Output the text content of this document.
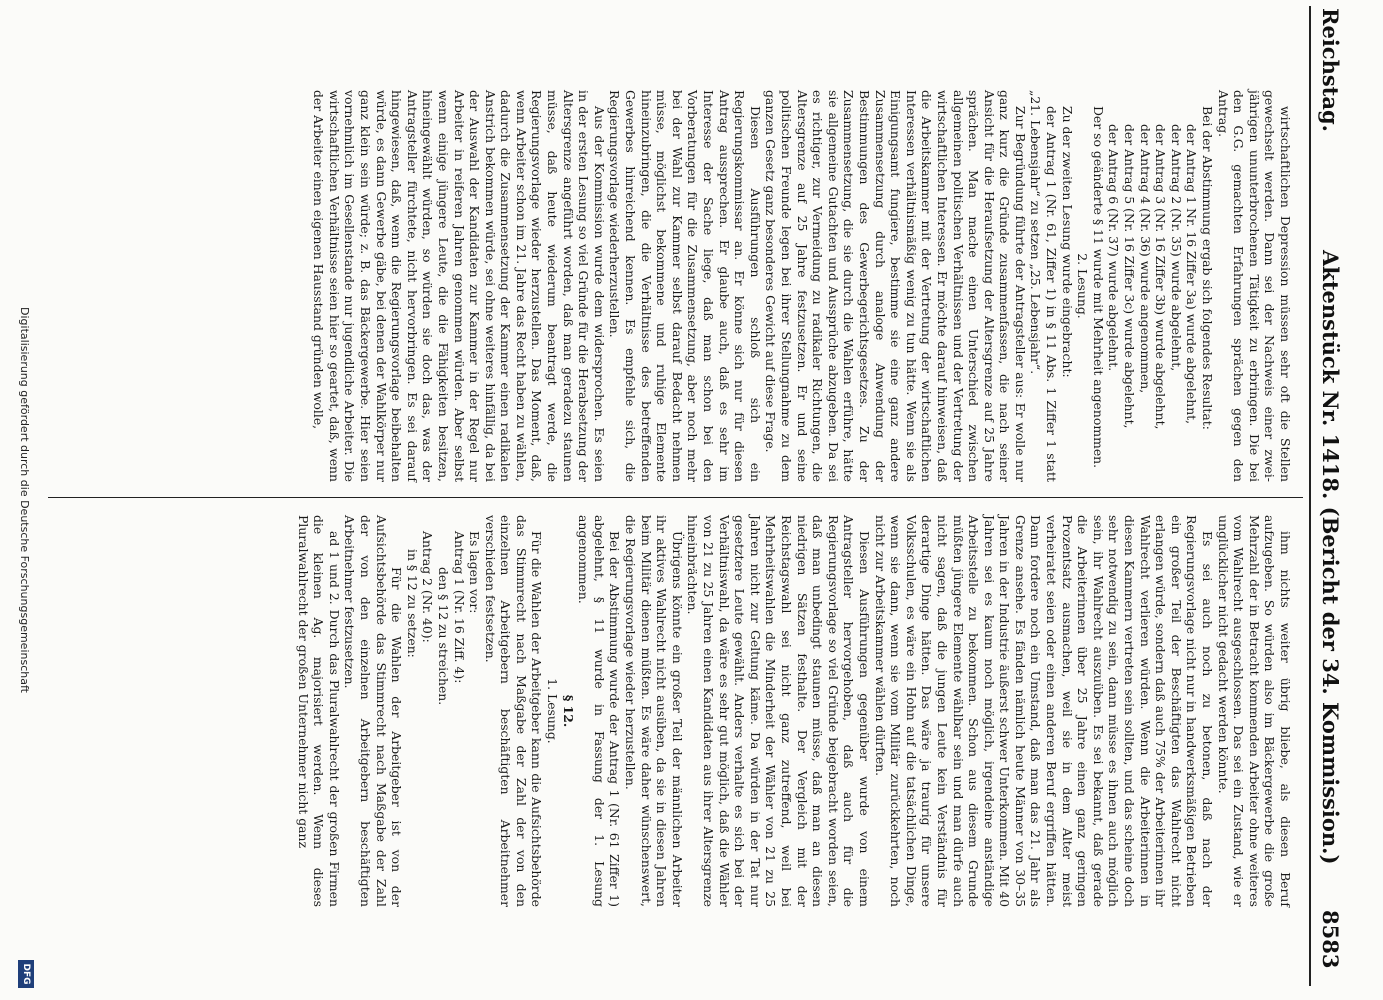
Reichstag.
Aktenstück Nr. 1418. (Bericht der 34. Kommission.)
8583

wirtschaftlichen Depression müssen sehr oft die Stellen gewechselt werden. Dann sei der Nachweis einer zwei-jährigen ununterbrochenen Tätigkeit zu erbringen. Die bei den G.G. gemachten Erfahrungen sprächen gegen den Antrag.

Bei der Abstimmung ergab sich folgendes Resultat:

der Antrag 1 Nr. 16 Ziffer 3a) wurde abgelehnt,

der Antrag 2 (Nr. 35) wurde abgelehnt,

der Antrag 3 (Nr. 16 Ziffer 3b) wurde abgelehnt,

der Antrag 4 (Nr. 36) wurde angenommen,

der Antrag 5 (Nr. 16 Ziffer 3c) wurde abgelehnt,

der Antrag 6 (Nr. 37) wurde abgelehnt.

Der so geänderte § 11 wurde mit Mehrheit angenommen.

2. Lesung.

Zu der zweiten Lesung wurde eingebracht:

der Antrag 1 (Nr. 61, Ziffer 1) in § 11 Abs. 1 Ziffer 1 statt „21. Lebensjahr“ zu setzen „25. Lebensjahr“.

Zur Begründung führte der Antragsteller aus: Er wolle nur ganz kurz die Gründe zusammenfassen, die nach seiner Ansicht für die Heraufsetzung der Altersgrenze auf 25 Jahre sprächen. Man mache einen Unterschied zwischen allgemeinen politischen Verhältnissen und der Vertretung der wirtschaftlichen Interessen. Er möchte darauf hinweisen, daß die Arbeitskammer mit der Vertretung der wirtschaftlichen Interessen verhältnismäßig wenig zu tun hätte. Wenn sie als Einigungsamt fungiere, bestimme sie eine ganz andere Zusammensetzung durch analoge Anwendung der Bestimmungen des Gewerbegerichtsgesetzes. Zu der Zusammensetzung, die sie durch die Wahlen erführe, hätte sie allgemeine Gutachten und Aussprüche abzugeben. Da sei es richtiger, zur Vermeidung zu radikaler Richtungen, die Altersgrenze auf 25 Jahre festzusetzen. Er und seine politischen Freunde legen bei ihrer Stellungnahme zu dem ganzen Gesetz ganz besonderes Gewicht auf diese Frage.

Diesen Ausführungen schloß sich ein Regierungskommissar an. Er könne sich nur für diesen Antrag aussprechen. Er glaube auch, daß es sehr im Interesse der Sache liege, daß man schon bei den Vorberatungen für die Zusammensetzung, aber noch mehr bei der Wahl zur Kammer selbst darauf Bedacht nehmen müsse, möglichst bekommene und ruhige Elemente hineinzubringen, die die Verhältnisse des betreffenden Gewerbes hinreichend kennen. Es empfehle sich, die Regierungsvorlage wiederherzustellen.

Aus der Kommission wurde dem widersprochen. Es seien in der ersten Lesung so viel Gründe für die Herabsetzung der Altersgrenze angeführt worden, daß man geradezu staunen müsse, daß heute wiederum beantragt werde, die Regierungsvorlage wieder herzustellen. Das Moment, daß, wenn Arbeiter schon im 21. Jahre das Recht haben zu wählen, dadurch die Zusammensetzung der Kammer einen radikalen Anstrich bekommen würde, sei ohne weiteres hinfällig, da bei der Auswahl der Kandidaten zur Kammer in der Regel nur Arbeiter in reiferen Jahren genommen würden. Aber selbst wenn einige jüngere Leute, die die Fähigkeiten besitzen, hineingewählt würden, so würden sie doch das, was der Antragsteller fürchtete, nicht hervorbringen. Es sei darauf hingewiesen, daß, wenn die Regierungsvorlage beibehalten würde, es dann Gewerbe gäbe, bei denen der Wahlkörper nur ganz klein sein würde; z. B. das Bäckergewerbe. Hier seien vornehmlich im Gesellenstande nur jugendliche Arbeiter. Die wirtschaftlichen Verhältnisse seien hier so geartet, daß, wenn der Arbeiter einen eigenen Hausstand gründen wolle,

ihm nichts weiter übrig bliebe, als diesen Beruf aufzugeben. So würden also im Bäckergewerbe die große Mehrzahl der in Betracht kommenden Arbeiter ohne weiteres vom Wahlrecht ausgeschlossen. Das sei ein Zustand, wie er unglücklicher nicht gedacht werden könnte.

Es sei auch noch zu betonen, daß nach der Regierungsvorlage nicht nur in handwerksmäßigen Betrieben ein großer Teil der Beschäftigten das Wahlrecht nicht erlangen würde, sondern daß auch 75% der Arbeiterinnen ihr Wahlrecht verlieren würden. Wenn die Arbeiterinnen in diesen Kammern vertreten sein sollten, und das scheine doch sehr notwendig zu sein, dann müsse es ihnen auch möglich sein, ihr Wahlrecht auszuüben. Es sei bekannt, daß gerade die Arbeiterinnen über 25 Jahre einen ganz geringen Prozentsatz ausmachen, weil sie in dem Alter meist verheiratet seien oder einen anderen Beruf ergriffen hätten. Dann fordere noch ein Umstand, daß man das 21. Jahr als Grenze ansehe. Es fänden nämlich heute Männer von 30–35 Jahren in der Industrie äußerst schwer Unterkommen. Mit 40 Jahren sei es kaum noch möglich, irgendeine anständige Arbeitsstelle zu bekommen. Schon aus diesem Grunde müßten jüngere Elemente wählbar sein und man dürfe auch nicht sagen, daß die jungen Leute kein Verständnis für derartige Dinge hätten. Das wäre ja traurig für unsere Volksschulen, es wäre ein Hohn auf die tatsächlichen Dinge, wenn sie dann, wenn sie vom Militär zurückkehrten, noch nicht zur Arbeitskammer wählen dürften.

Diesen Ausführungen gegenüber wurde von einem Antragsteller hervorgehoben, daß auch für die Regierungsvorlage so viel Gründe beigebracht worden seien, daß man unbedingt staunen müsse, daß man an diesen niedrigen Sätzen festhalte. Der Vergleich mit der Reichstagswahl sei nicht ganz zutreffend, weil bei Mehrheitswahlen die Minderheit der Wähler von 21 zu 25 Jahren nicht zur Geltung käme. Da würden in der Tat nur gesetztere Leute gewählt. Anders verhalte es sich bei der Verhältniswahl, da wäre es sehr gut möglich, daß die Wähler von 21 zu 25 Jahren einen Kandidaten aus ihrer Altersgrenze hineinbrächten.

Übrigens könnte ein großer Teil der männlichen Arbeiter ihr aktives Wahlrecht nicht ausüben, da sie in diesen Jahren beim Militär dienen müßten. Es wäre daher wünschenswert, die Regierungsvorlage wieder herzustellen.

Bei der Abstimmung wurde der Antrag 1 (Nr. 61 Ziffer 1) abgelehnt, § 11 wurde in Fassung der 1. Lesung angenommen.

§ 12.

1. Lesung.

Für die Wahlen der Arbeitgeber kann die Aufsichtsbehörde das Stimmrecht nach Maßgabe der Zahl der von den einzelnen Arbeitgebern beschäftigten Arbeitnehmer verschieden festsetzen.

Es lagen vor:

Antrag 1 (Nr. 16 Ziff. 4):

den § 12 zu streichen.

Antrag 2 (Nr. 40):

in § 12 zu setzen:

Für die Wahlen der Arbeitgeber ist von der Aufsichtsbehörde das Stimmrecht nach Maßgabe der Zahl der von den einzelnen Arbeitgebern beschäftigten Arbeitnehmer festzusetzen.

ad 1 und 2. Durch das Pluralwahlrecht der großen Firmen die kleinen Ag. majorisiert werden. Wenn dieses Pluralwahlrecht der großen Unternehmer nicht ganz

Digitalisierung gefördert durch die Deutsche Forschungsgemeinschaft
DFG
